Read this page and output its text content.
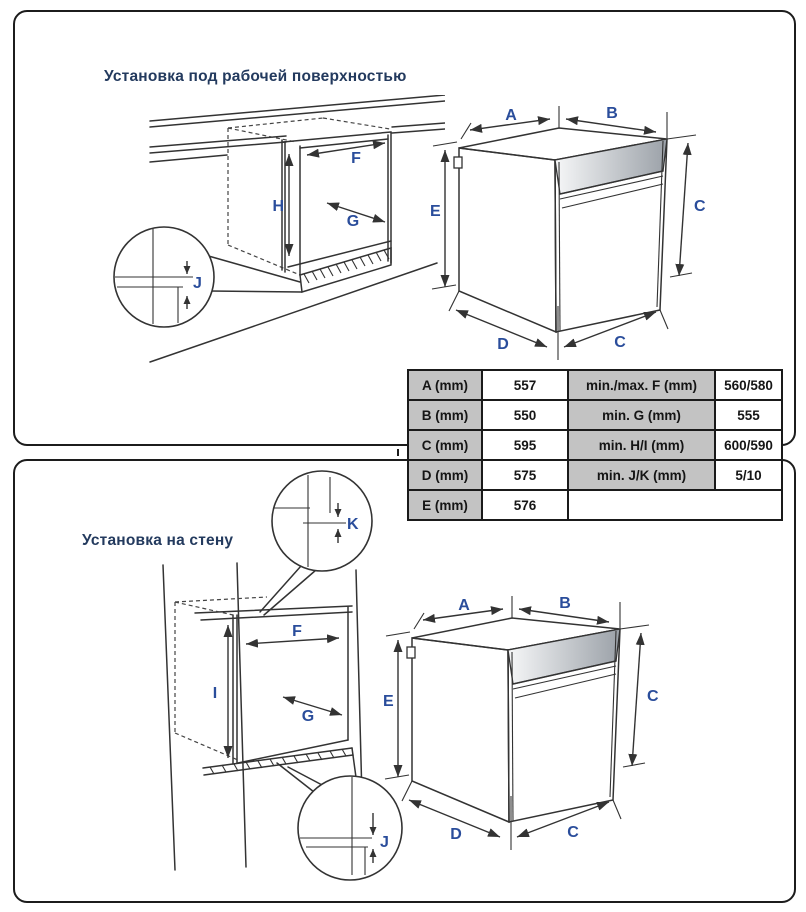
Установка под рабочей поверхностью
Установка на стену
J
H
F
G
A	B
E	C
D	C
A (mm)	557	min./max. F (mm)	560/580
B (mm)	550	min. G (mm)	555
C (mm)	595	min. H/I (mm)	600/590
D (mm)	575	min. J/K (mm)	5/10
E (mm)	576		
K
I
F
G
J
A	B
E	C
D	C
